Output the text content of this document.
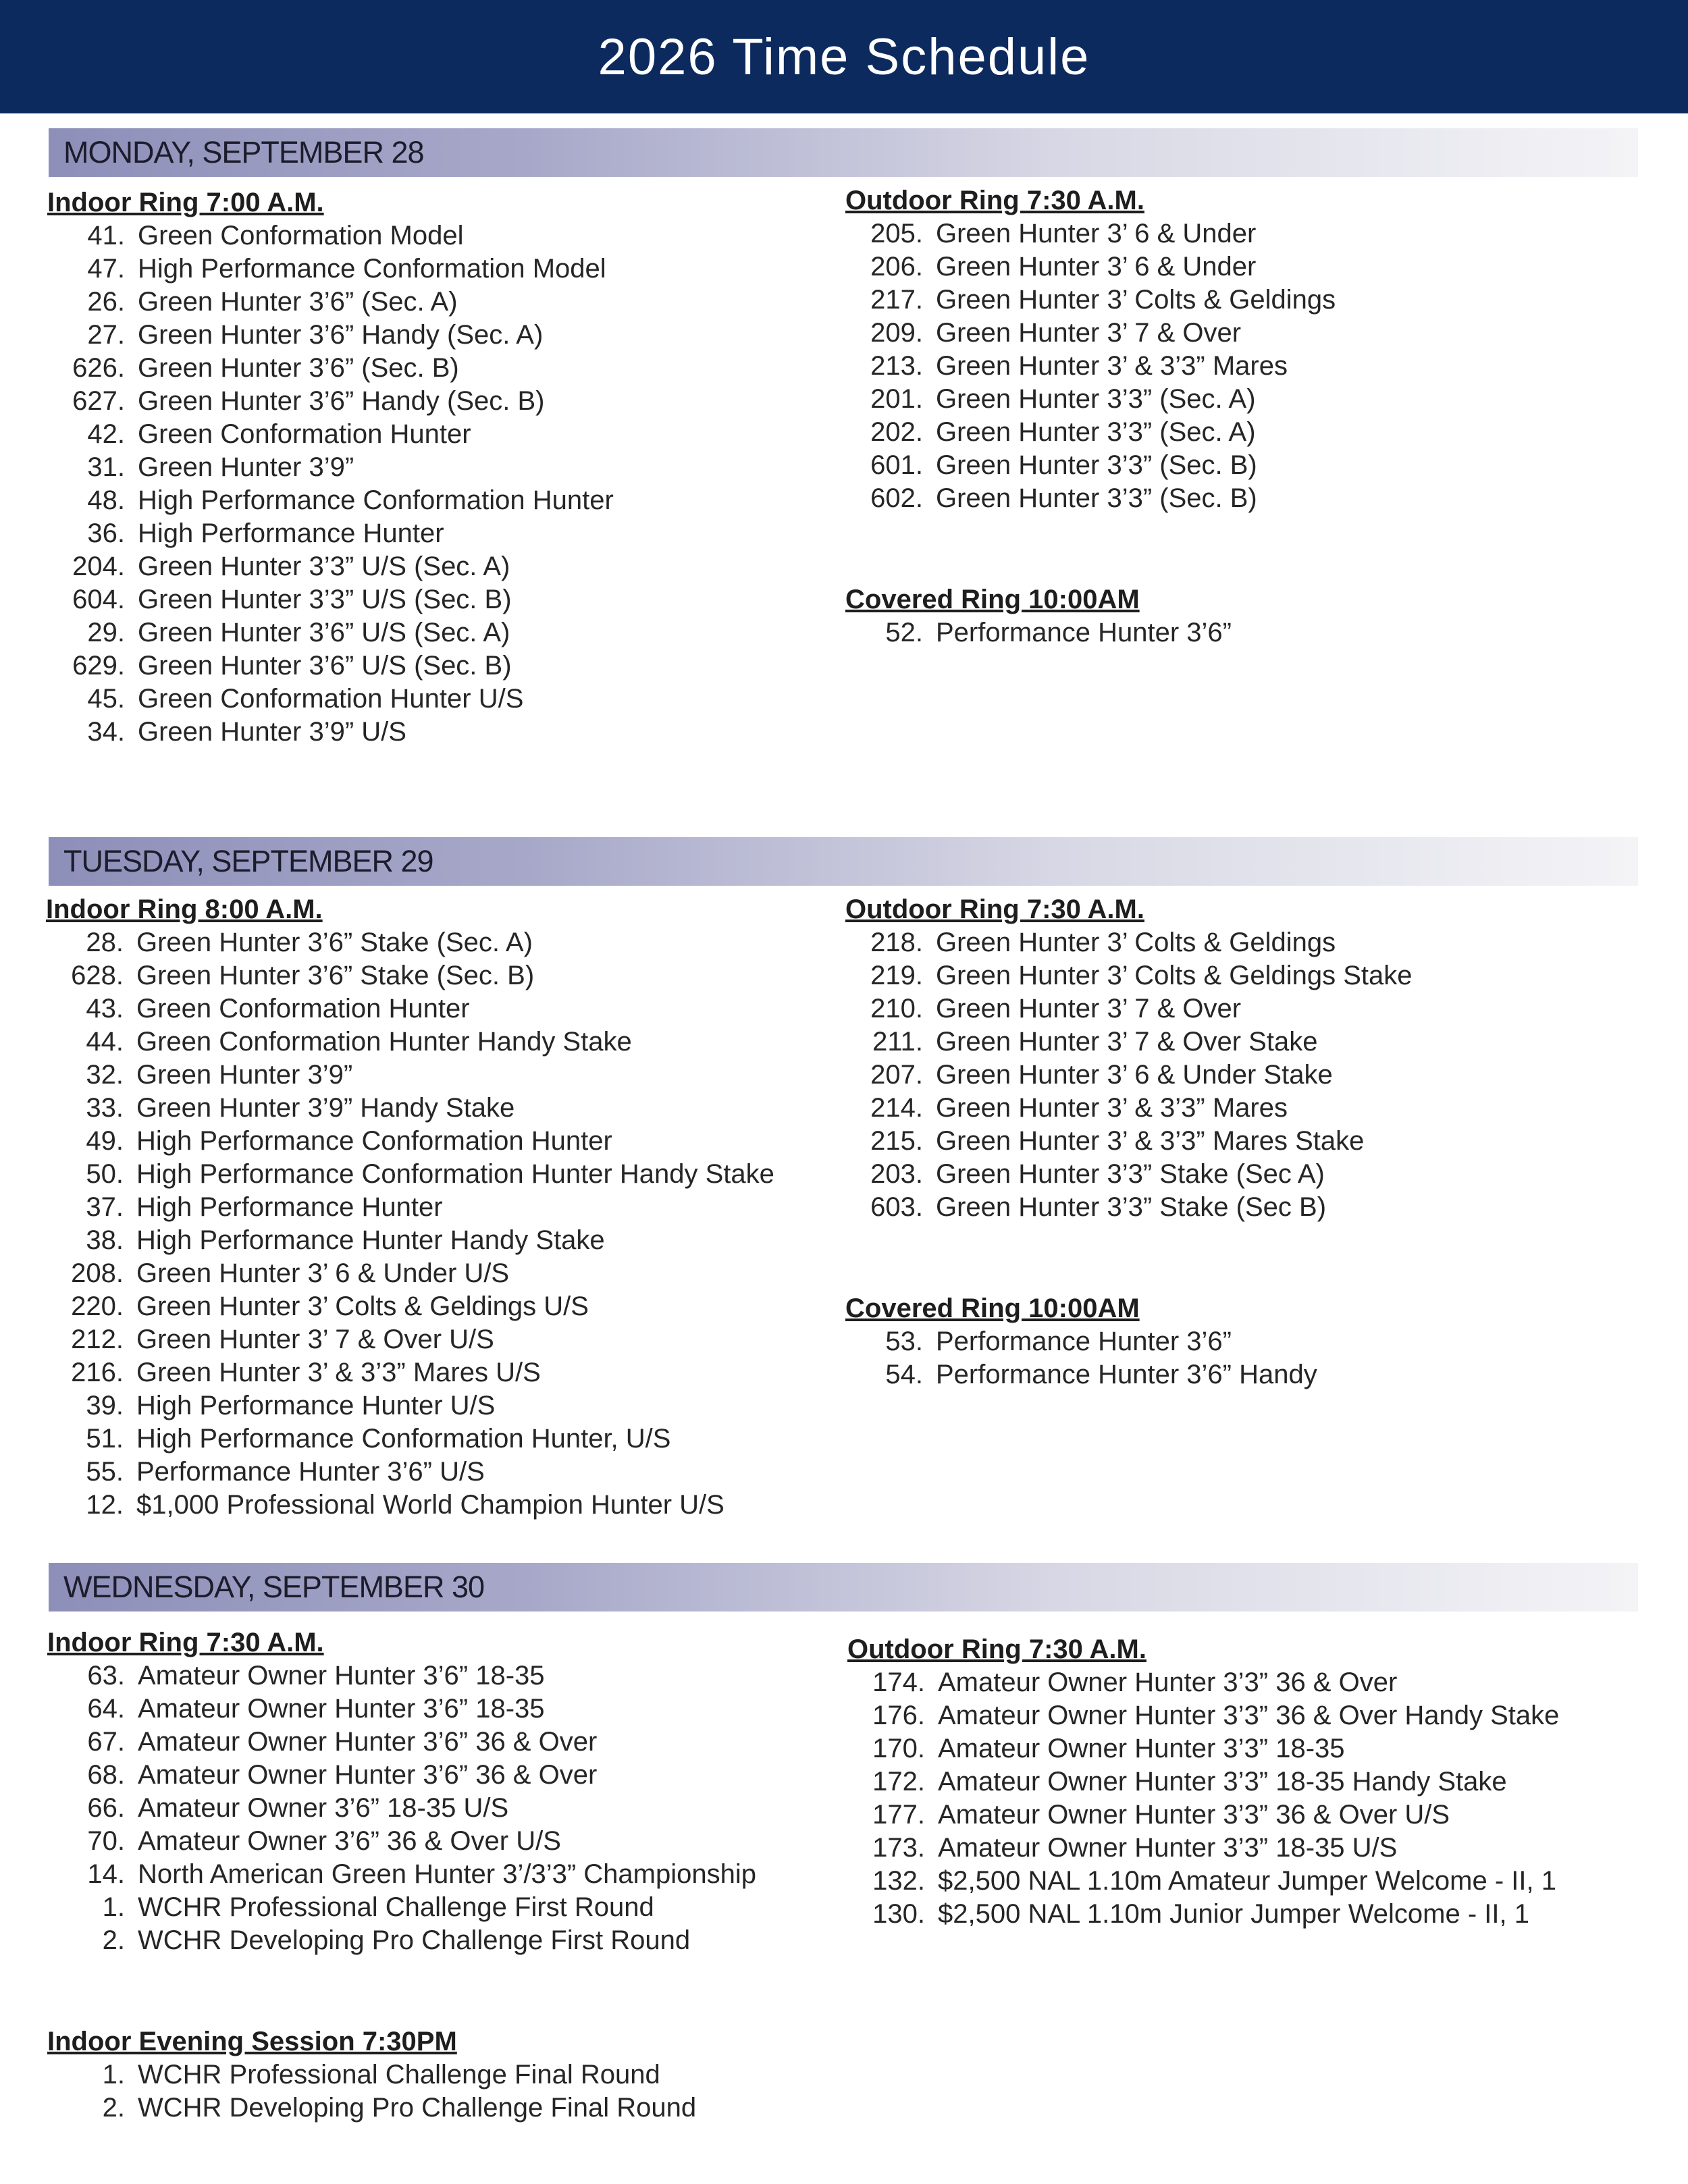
2026 Time Schedule
MONDAY, SEPTEMBER 28
Indoor Ring 7:00 A.M.
41. Green Conformation Model
47. High Performance Conformation Model
26. Green Hunter 3’6” (Sec. A)
27. Green Hunter 3’6” Handy (Sec. A)
626. Green Hunter 3’6” (Sec. B)
627. Green Hunter 3’6” Handy (Sec. B)
42. Green Conformation Hunter
31. Green Hunter 3’9”
48. High Performance Conformation Hunter
36. High Performance Hunter
204. Green Hunter 3’3” U/S (Sec. A)
604. Green Hunter 3’3” U/S (Sec. B)
29. Green Hunter 3’6” U/S (Sec. A)
629. Green Hunter 3’6” U/S (Sec. B)
45. Green Conformation Hunter U/S
34. Green Hunter 3’9” U/S
Outdoor Ring 7:30 A.M.
205. Green Hunter 3’ 6 & Under
206. Green Hunter 3’ 6 & Under
217. Green Hunter 3’ Colts & Geldings
209. Green Hunter 3’ 7 & Over
213. Green Hunter 3’ & 3’3” Mares
201. Green Hunter 3’3” (Sec. A)
202. Green Hunter 3’3” (Sec. A)
601. Green Hunter 3’3” (Sec. B)
602. Green Hunter 3’3” (Sec. B)
Covered Ring 10:00AM
52. Performance Hunter 3’6”
TUESDAY, SEPTEMBER 29
Indoor Ring 8:00 A.M.
28. Green Hunter 3’6” Stake (Sec. A)
628. Green Hunter 3’6” Stake (Sec. B)
43. Green Conformation Hunter
44. Green Conformation Hunter Handy Stake
32. Green Hunter 3’9”
33. Green Hunter 3’9” Handy Stake
49. High Performance Conformation Hunter
50. High Performance Conformation Hunter Handy Stake
37. High Performance Hunter
38. High Performance Hunter Handy Stake
208. Green Hunter 3’ 6 & Under U/S
220. Green Hunter 3’ Colts & Geldings U/S
212. Green Hunter 3’ 7 & Over U/S
216. Green Hunter 3’ & 3’3” Mares U/S
39. High Performance Hunter U/S
51. High Performance Conformation Hunter, U/S
55. Performance Hunter 3’6” U/S
12. $1,000 Professional World Champion Hunter U/S
Outdoor Ring 7:30 A.M.
218. Green Hunter 3’ Colts & Geldings
219. Green Hunter 3’ Colts & Geldings Stake
210. Green Hunter 3’ 7 & Over
211. Green Hunter 3’ 7 & Over Stake
207. Green Hunter 3’ 6 & Under Stake
214. Green Hunter 3’ & 3’3” Mares
215. Green Hunter 3’ & 3’3” Mares Stake
203. Green Hunter 3’3” Stake (Sec A)
603. Green Hunter 3’3” Stake (Sec B)
Covered Ring 10:00AM
53. Performance Hunter 3’6”
54. Performance Hunter 3’6” Handy
WEDNESDAY, SEPTEMBER 30
Indoor Ring 7:30 A.M.
63. Amateur Owner Hunter 3’6” 18-35
64. Amateur Owner Hunter 3’6” 18-35
67. Amateur Owner Hunter 3’6” 36 & Over
68. Amateur Owner Hunter 3’6” 36 & Over
66. Amateur Owner 3’6” 18-35 U/S
70. Amateur Owner 3’6” 36 & Over U/S
14. North American Green Hunter 3’/3’3” Championship
1. WCHR Professional Challenge First Round
2. WCHR Developing Pro Challenge First Round
Indoor Evening Session 7:30PM
1. WCHR Professional Challenge Final Round
2. WCHR Developing Pro Challenge Final Round
Outdoor Ring 7:30 A.M.
174. Amateur Owner Hunter 3’3” 36 & Over
176. Amateur Owner Hunter 3’3” 36 & Over Handy Stake
170. Amateur Owner Hunter 3’3” 18-35
172. Amateur Owner Hunter 3’3” 18-35 Handy Stake
177. Amateur Owner Hunter 3’3” 36 & Over U/S
173. Amateur Owner Hunter 3’3” 18-35 U/S
132. $2,500 NAL 1.10m Amateur Jumper Welcome - II, 1
130. $2,500 NAL 1.10m Junior Jumper Welcome - II, 1
